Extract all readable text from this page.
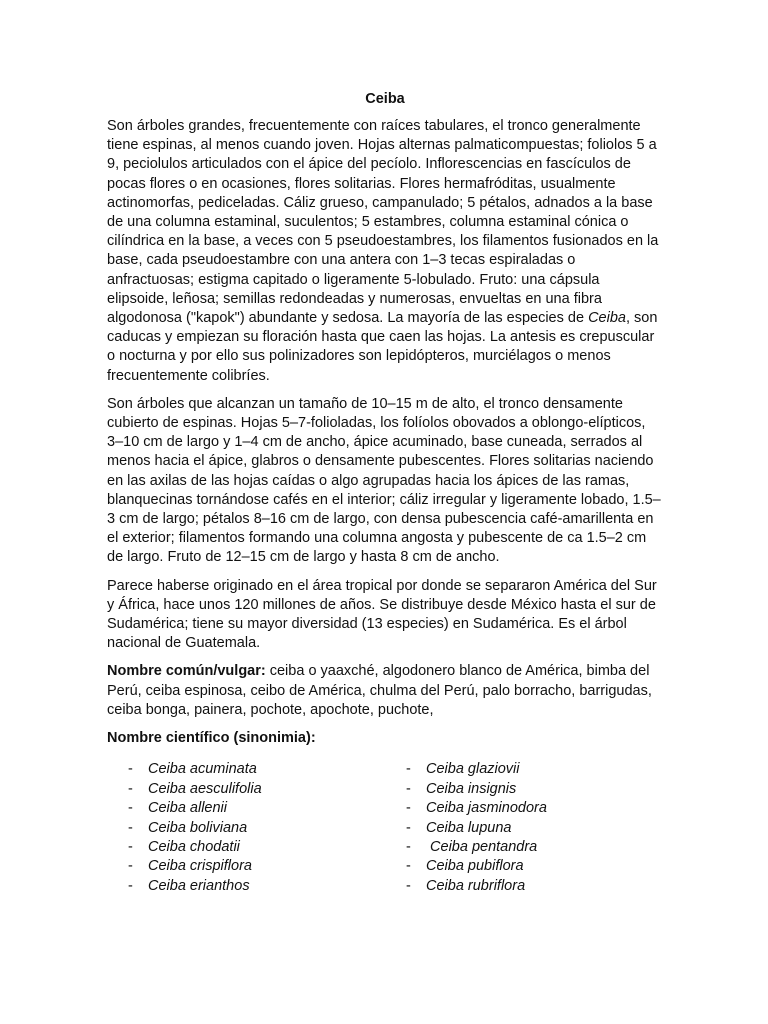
Ceiba

Son árboles grandes, frecuentemente con raíces tabulares, el tronco generalmente tiene espinas, al menos cuando joven. Hojas alternas palmaticompuestas; foliolos 5 a 9, peciolulos articulados con el ápice del pecíolo. Inflorescencias en fascículos de pocas flores o en ocasiones, flores solitarias. Flores hermafróditas, usualmente actinomorfas, pediceladas. Cáliz grueso, campanulado; 5 pétalos, adnados a la base de una columna estaminal, suculentos; 5 estambres, columna estaminal cónica o cilíndrica en la base, a veces con 5 pseudoestambres, los filamentos fusionados en la base, cada pseudoestambre con una antera con 1–3 tecas espiraladas o anfractuosas; estigma capitado o ligeramente 5-lobulado. Fruto: una cápsula elipsoide, leñosa; semillas redondeadas y numerosas, envueltas en una fibra algodonosa ("kapok") abundante y sedosa. La mayoría de las especies de Ceiba, son caducas y empiezan su floración hasta que caen las hojas. La antesis es crepuscular o nocturna y por ello sus polinizadores son lepidópteros, murciélagos o menos frecuentemente colibríes.

Son árboles que alcanzan un tamaño de 10–15 m de alto, el tronco densamente cubierto de espinas. Hojas 5–7-folioladas, los folíolos obovados a oblongo-elípticos, 3–10 cm de largo y 1–4 cm de ancho, ápice acuminado, base cuneada, serrados al menos hacia el ápice, glabros o densamente pubescentes. Flores solitarias naciendo en las axilas de las hojas caídas o algo agrupadas hacia los ápices de las ramas, blanquecinas tornándose cafés en el interior; cáliz irregular y ligeramente lobado, 1.5–3 cm de largo; pétalos 8–16 cm de largo, con densa pubescencia café-amarillenta en el exterior; filamentos formando una columna angosta y pubescente de ca 1.5–2 cm de largo. Fruto de 12–15 cm de largo y hasta 8 cm de ancho.

Parece haberse originado en el área tropical por donde se separaron América del Sur y África, hace unos 120 millones de años. Se distribuye desde México hasta el sur de Sudamérica; tiene su mayor diversidad (13 especies) en Sudamérica. Es el árbol nacional de Guatemala.

Nombre común/vulgar: ceiba o yaaxché, algodonero blanco de América, bimba del Perú, ceiba espinosa, ceibo de América, chulma del Perú, palo borracho, barrigudas, ceiba bonga, painera, pochote, apochote, puchote,

Nombre científico (sinonimia):
-	Ceiba acuminata
-	Ceiba aesculifolia
-	Ceiba allenii
-	Ceiba boliviana
-	Ceiba chodatii
-	Ceiba crispiflora
-	Ceiba erianthos
-	Ceiba glaziovii
-	Ceiba insignis
-	Ceiba jasminodora
-	Ceiba lupuna
-	Ceiba pentandra
-	Ceiba pubiflora
-	Ceiba rubriflora
